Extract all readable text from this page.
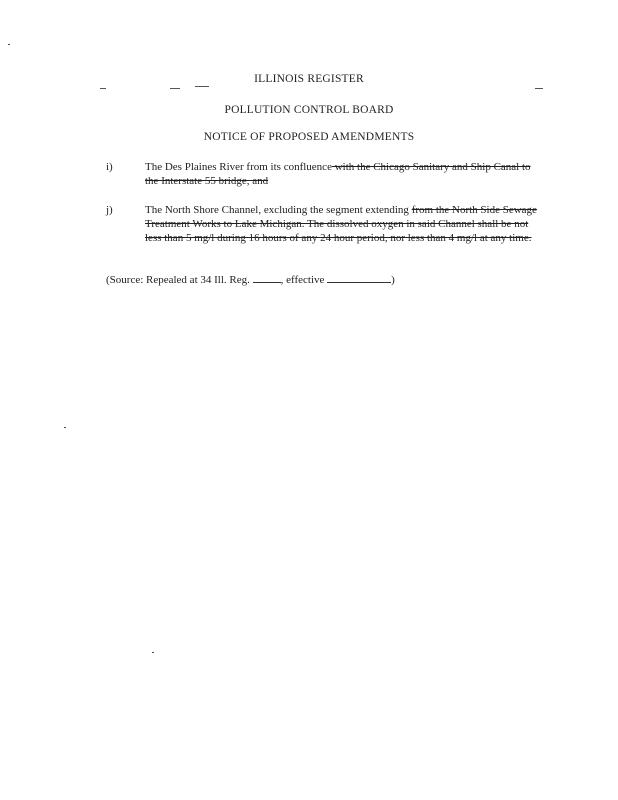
ILLINOIS REGISTER
POLLUTION CONTROL BOARD
NOTICE OF PROPOSED AMENDMENTS
i)	The Des Plaines River from its confluence with the Chicago Sanitary and Ship Canal to the Interstate 55 bridge, and
j)	The North Shore Channel, excluding the segment extending from the North Side Sewage Treatment Works to Lake Michigan. The dissolved oxygen in said Channel shall be not less than 5 mg/l during 16 hours of any 24 hour period, nor less than 4 mg/l at any time.
(Source: Repealed at 34 Ill. Reg.	, effective	)
